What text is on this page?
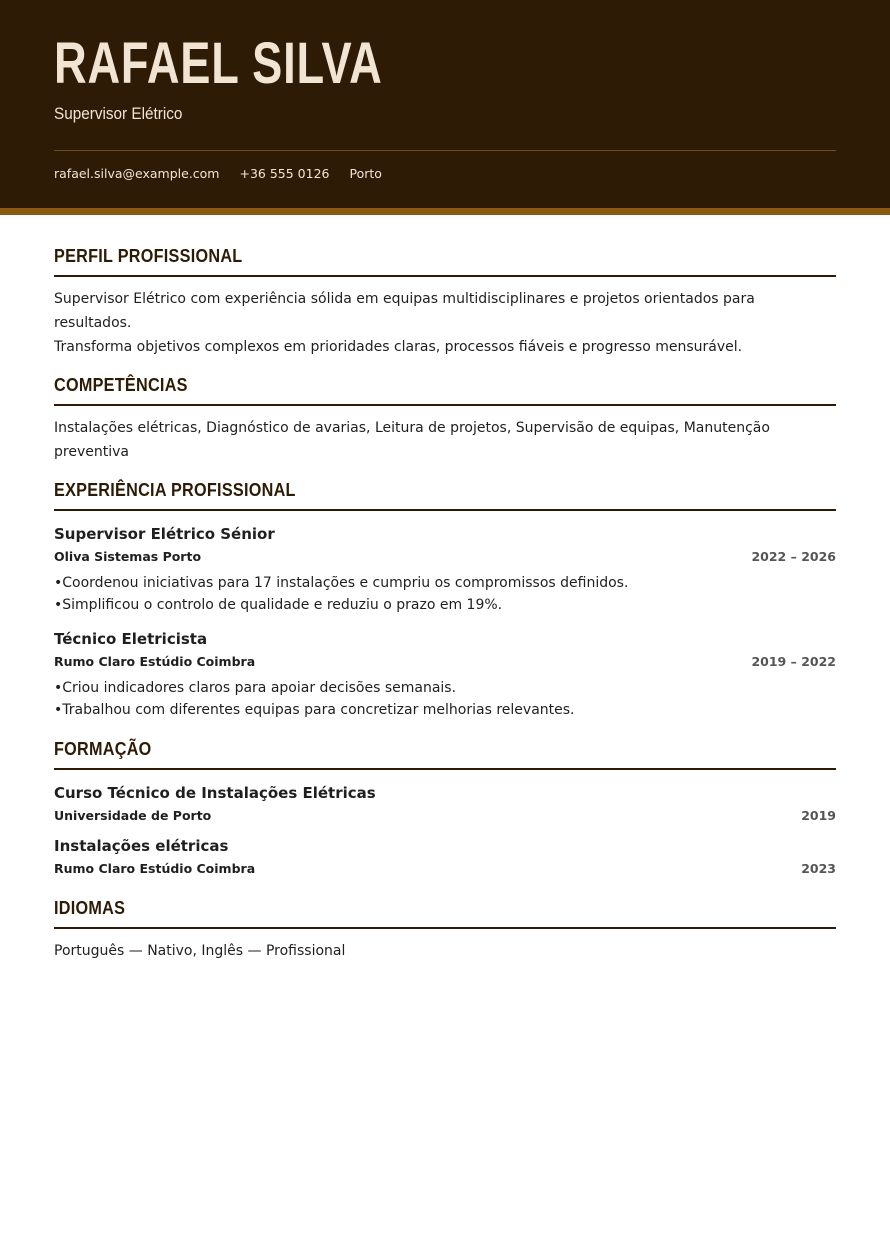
RAFAEL SILVA
Supervisor Elétrico
rafael.silva@example.com +36 555 0126 Porto
PERFIL PROFISSIONAL

Supervisor Elétrico com experiência sólida em equipas multidisciplinares e projetos orientados para resultados.

Transforma objetivos complexos em prioridades claras, processos fiáveis e progresso mensurável.

COMPETÊNCIAS

Instalações elétricas, Diagnóstico de avarias, Leitura de projetos, Supervisão de equipas, Manutenção preventiva

EXPERIÊNCIA PROFISSIONAL
Supervisor Elétrico Sénior
Oliva Sistemas Porto	2022 – 2026
• Coordenou iniciativas para 17 instalações e cumpriu os compromissos definidos.
• Simplificou o controlo de qualidade e reduziu o prazo em 19%.
Técnico Eletricista
Rumo Claro Estúdio Coimbra	2019 – 2022
• Criou indicadores claros para apoiar decisões semanais.
• Trabalhou com diferentes equipas para concretizar melhorias relevantes.
FORMAÇÃO
Curso Técnico de Instalações Elétricas
Universidade de Porto	2019
Instalações elétricas
Rumo Claro Estúdio Coimbra	2023
IDIOMAS

Português — Nativo, Inglês — Profissional
